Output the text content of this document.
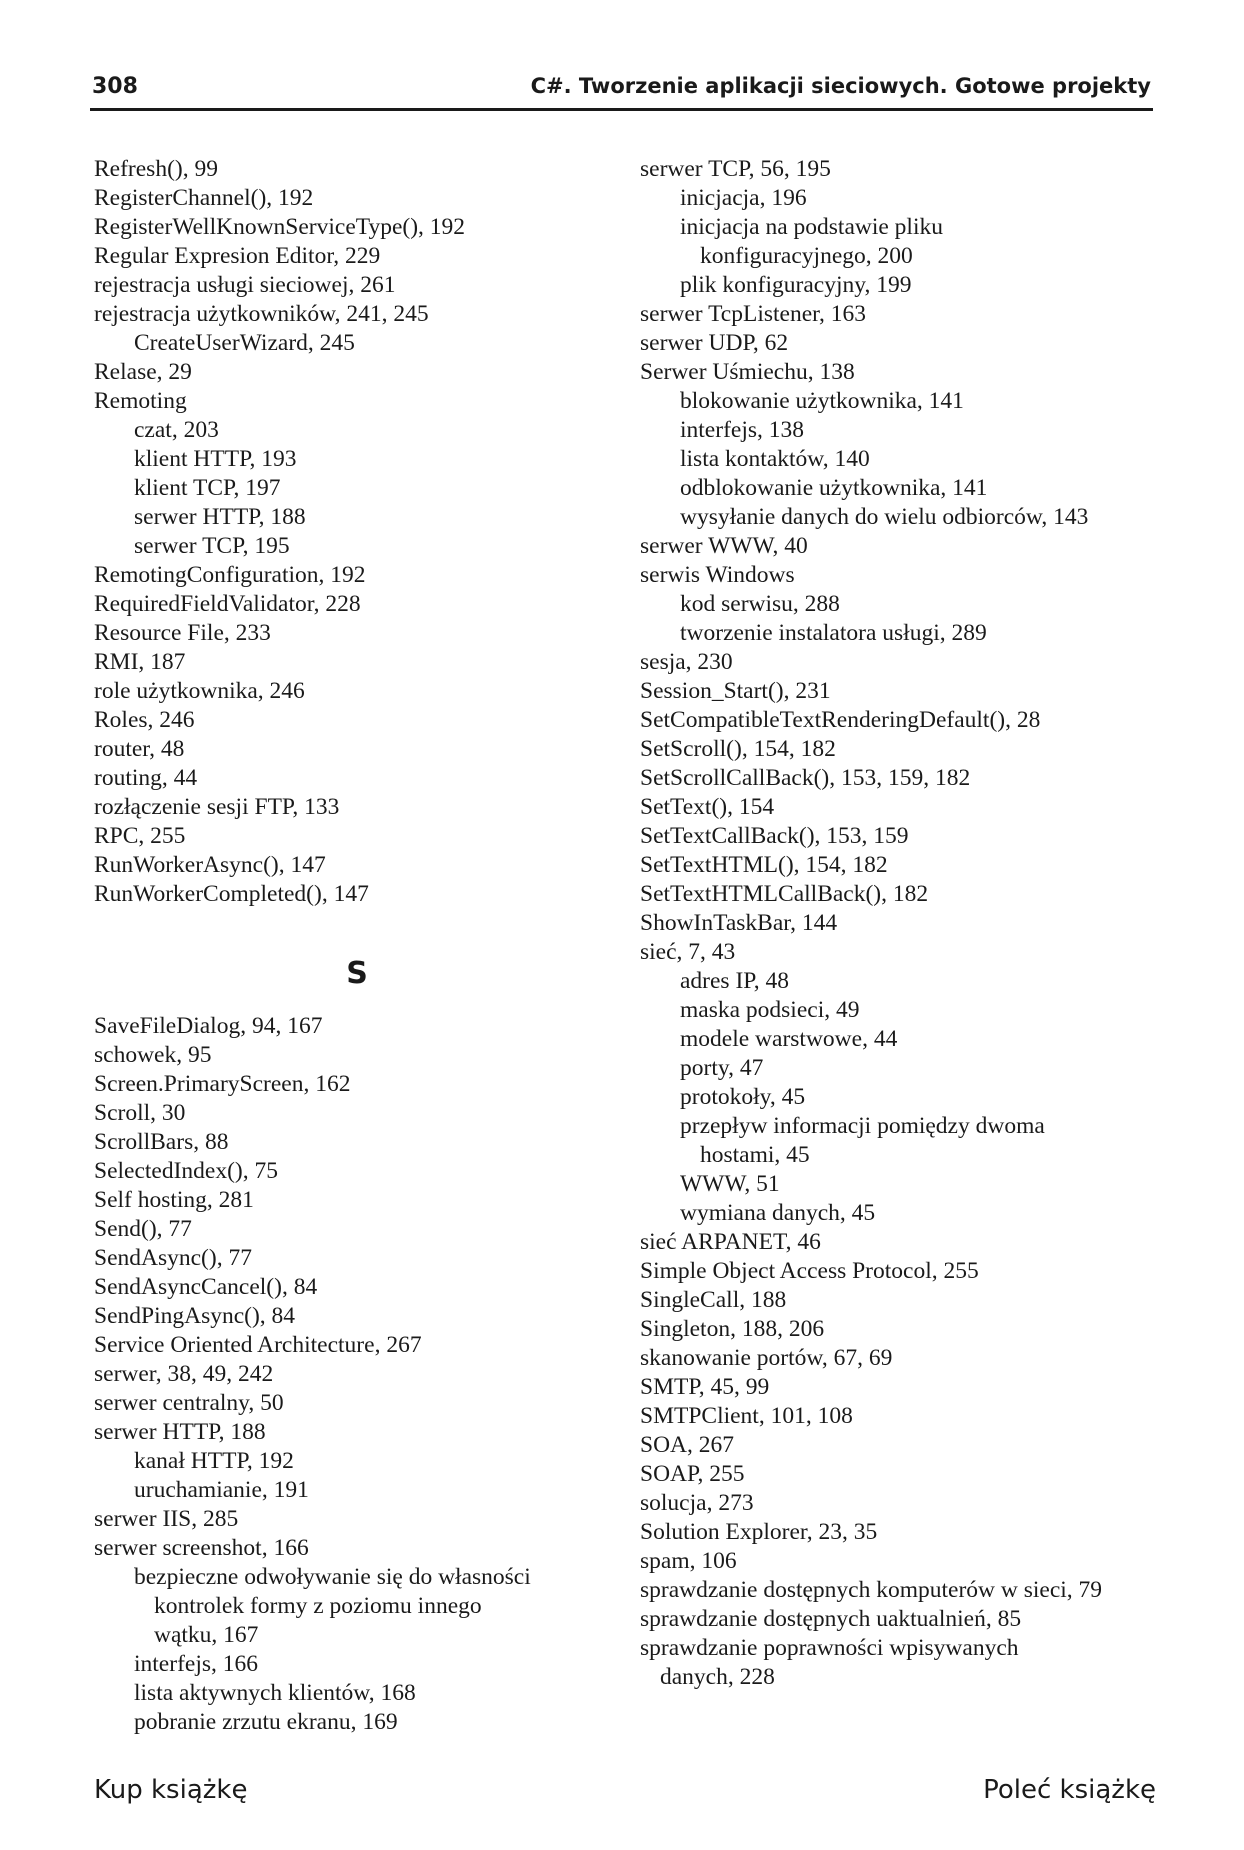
308	C#. Tworzenie aplikacji sieciowych. Gotowe projekty
Refresh(), 99
RegisterChannel(), 192
RegisterWellKnownServiceType(), 192
Regular Expresion Editor, 229
rejestracja usługi sieciowej, 261
rejestracja użytkowników, 241, 245
CreateUserWizard, 245
Relase, 29
Remoting
czat, 203
klient HTTP, 193
klient TCP, 197
serwer HTTP, 188
serwer TCP, 195
RemotingConfiguration, 192
RequiredFieldValidator, 228
Resource File, 233
RMI, 187
role użytkownika, 246
Roles, 246
router, 48
routing, 44
rozłączenie sesji FTP, 133
RPC, 255
RunWorkerAsync(), 147
RunWorkerCompleted(), 147
S
SaveFileDialog, 94, 167
schowek, 95
Screen.PrimaryScreen, 162
Scroll, 30
ScrollBars, 88
SelectedIndex(), 75
Self hosting, 281
Send(), 77
SendAsync(), 77
SendAsyncCancel(), 84
SendPingAsync(), 84
Service Oriented Architecture, 267
serwer, 38, 49, 242
serwer centralny, 50
serwer HTTP, 188
kanał HTTP, 192
uruchamianie, 191
serwer IIS, 285
serwer screenshot, 166
bezpieczne odwoływanie się do własności
kontrolek formy z poziomu innego
wątku, 167
interfejs, 166
lista aktywnych klientów, 168
pobranie zrzutu ekranu, 169
serwer TCP, 56, 195
inicjacja, 196
inicjacja na podstawie pliku
konfiguracyjnego, 200
plik konfiguracyjny, 199
serwer TcpListener, 163
serwer UDP, 62
Serwer Uśmiechu, 138
blokowanie użytkownika, 141
interfejs, 138
lista kontaktów, 140
odblokowanie użytkownika, 141
wysyłanie danych do wielu odbiorców, 143
serwer WWW, 40
serwis Windows
kod serwisu, 288
tworzenie instalatora usługi, 289
sesja, 230
Session_Start(), 231
SetCompatibleTextRenderingDefault(), 28
SetScroll(), 154, 182
SetScrollCallBack(), 153, 159, 182
SetText(), 154
SetTextCallBack(), 153, 159
SetTextHTML(), 154, 182
SetTextHTMLCallBack(), 182
ShowInTaskBar, 144
sieć, 7, 43
adres IP, 48
maska podsieci, 49
modele warstwowe, 44
porty, 47
protokoły, 45
przepływ informacji pomiędzy dwoma
hostami, 45
WWW, 51
wymiana danych, 45
sieć ARPANET, 46
Simple Object Access Protocol, 255
SingleCall, 188
Singleton, 188, 206
skanowanie portów, 67, 69
SMTP, 45, 99
SMTPClient, 101, 108
SOA, 267
SOAP, 255
solucja, 273
Solution Explorer, 23, 35
spam, 106
sprawdzanie dostępnych komputerów w sieci, 79
sprawdzanie dostępnych uaktualnień, 85
sprawdzanie poprawności wpisywanych
danych, 228
Kup książkę	Poleć książkę
